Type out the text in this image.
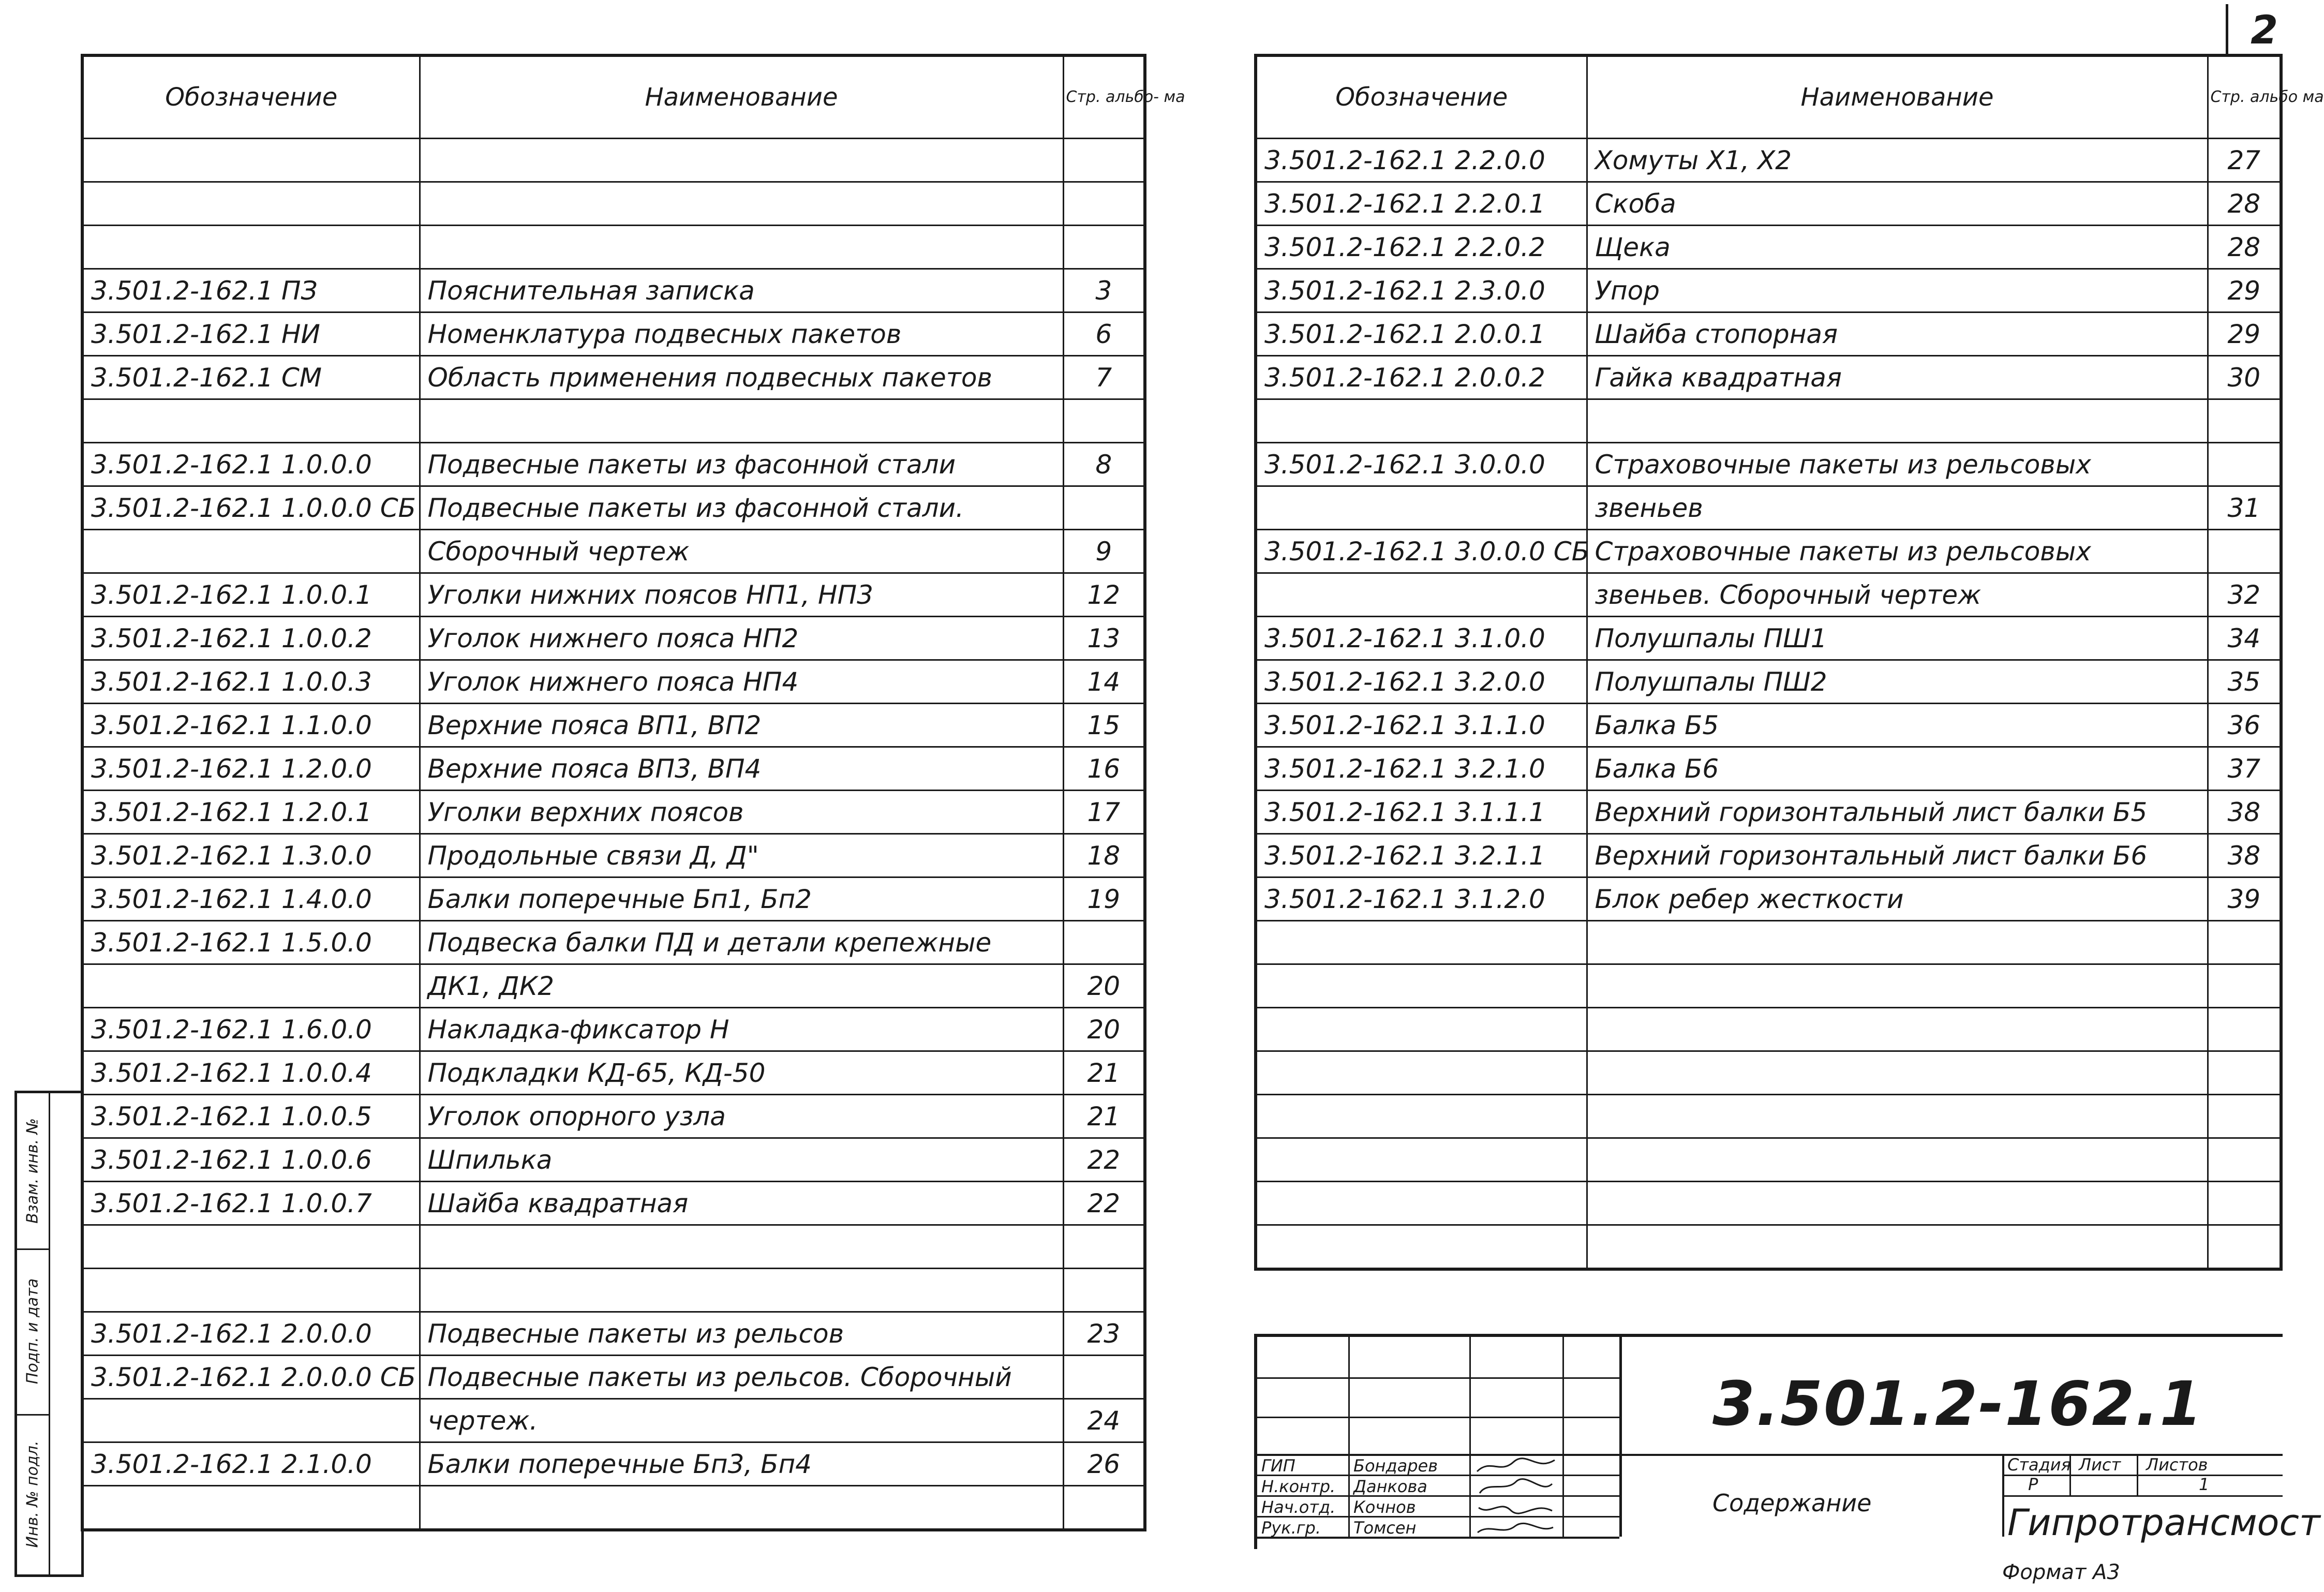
2
Обозначение	Наименование	Стр. альбо- ма

3.501.2-162.1 ПЗ	Пояснительная записка	3
3.501.2-162.1 НИ	Номенклатура подвесных пакетов	6
3.501.2-162.1 СМ	Область применения подвесных пакетов	7

3.501.2-162.1 1.0.0.0	Подвесные пакеты из фасонной стали	8
3.501.2-162.1 1.0.0.0 СБ	Подвесные пакеты из фасонной стали.	
	Сборочный чертеж	9
3.501.2-162.1 1.0.0.1	Уголки нижних поясов НП1, НП3	12
3.501.2-162.1 1.0.0.2	Уголок нижнего пояса НП2	13
3.501.2-162.1 1.0.0.3	Уголок нижнего пояса НП4	14
3.501.2-162.1 1.1.0.0	Верхние пояса ВП1, ВП2	15
3.501.2-162.1 1.2.0.0	Верхние пояса ВП3, ВП4	16
3.501.2-162.1 1.2.0.1	Уголки верхних поясов	17
3.501.2-162.1 1.3.0.0	Продольные связи Д, Д"	18
3.501.2-162.1 1.4.0.0	Балки поперечные Бп1, Бп2	19
3.501.2-162.1 1.5.0.0	Подвеска балки ПД и детали крепежные	
	ДК1, ДК2	20
3.501.2-162.1 1.6.0.0	Накладка-фиксатор Н	20
3.501.2-162.1 1.0.0.4	Подкладки КД-65, КД-50	21
3.501.2-162.1 1.0.0.5	Уголок опорного узла	21
3.501.2-162.1 1.0.0.6	Шпилька	22
3.501.2-162.1 1.0.0.7	Шайба квадратная	22

3.501.2-162.1 2.0.0.0	Подвесные пакеты из рельсов	23
3.501.2-162.1 2.0.0.0 СБ	Подвесные пакеты из рельсов. Сборочный	
	чертеж.	24
3.501.2-162.1 2.1.0.0	Балки поперечные Бп3, Бп4	26

Обозначение	Наименование	Стр. альбо ма
3.501.2-162.1 2.2.0.0	Хомуты Х1, Х2	27
3.501.2-162.1 2.2.0.1	Скоба	28
3.501.2-162.1 2.2.0.2	Щека	28
3.501.2-162.1 2.3.0.0	Упор	29
3.501.2-162.1 2.0.0.1	Шайба стопорная	29
3.501.2-162.1 2.0.0.2	Гайка квадратная	30

3.501.2-162.1 3.0.0.0	Страховочные пакеты из рельсовых	
	звеньев	31
3.501.2-162.1 3.0.0.0 СБ	Страховочные пакеты из рельсовых	
	звеньев. Сборочный чертеж	32
3.501.2-162.1 3.1.0.0	Полушпалы ПШ1	34
3.501.2-162.1 3.2.0.0	Полушпалы ПШ2	35
3.501.2-162.1 3.1.1.0	Балка Б5	36
3.501.2-162.1 3.2.1.0	Балка Б6	37
3.501.2-162.1 3.1.1.1	Верхний горизонтальный лист балки Б5	38
3.501.2-162.1 3.2.1.1	Верхний горизонтальный лист балки Б6	38
3.501.2-162.1 3.1.2.0	Блок ребер жесткости	39

Взам. инв. №
Подп. и дата
Инв. № подл.
3.501.2-162.1
Содержание
Стадия Лист Листов
Р	1
Гипротрансмост
ГИП	Бондарев
Н.контр. Данкова
Нач.отд. Кочнов
Рук.гр. Томсен
Формат А3
